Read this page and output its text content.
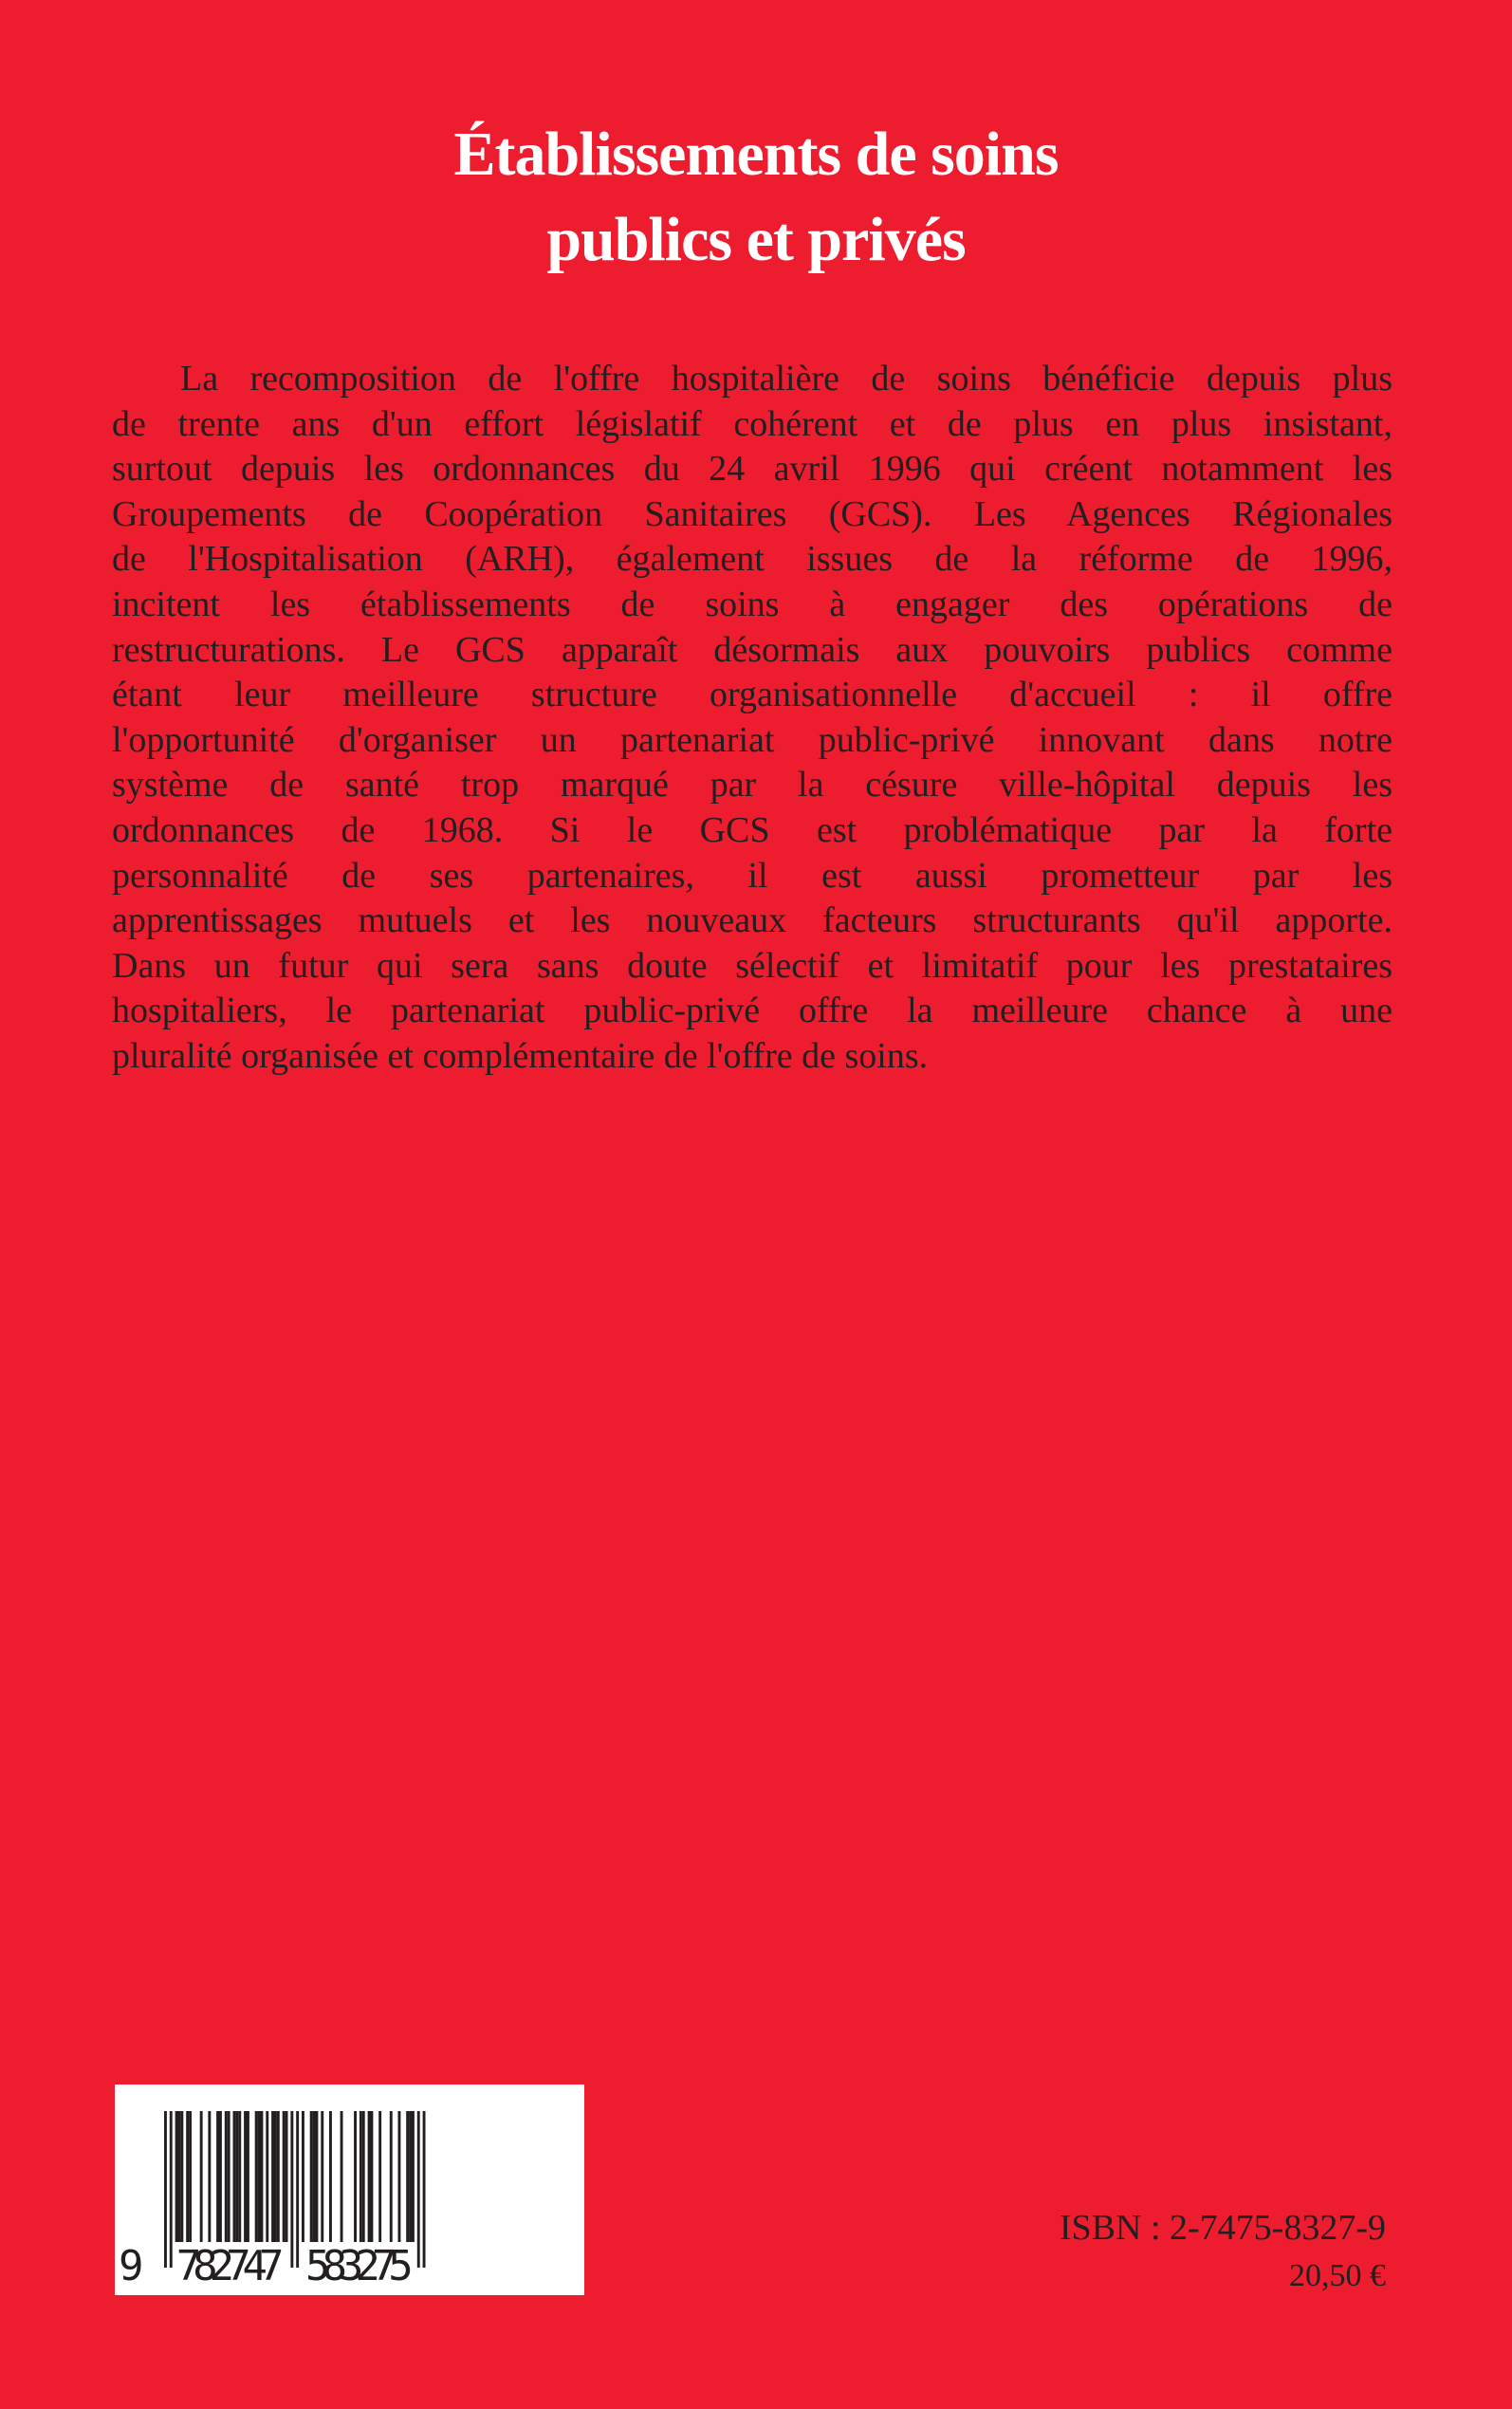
Établissements de soins
publics et privés
La recomposition de l'offre hospitalière de soins bénéficie depuis plus
de trente ans d'un effort législatif cohérent et de plus en plus insistant,
surtout depuis les ordonnances du 24 avril 1996 qui créent notamment les
Groupements de Coopération Sanitaires (GCS). Les Agences Régionales
de l'Hospitalisation (ARH), également issues de la réforme de 1996,
incitent les établissements de soins à engager des opérations de
restructurations. Le GCS apparaît désormais aux pouvoirs publics comme
étant leur meilleure structure organisationnelle d'accueil : il offre
l'opportunité d'organiser un partenariat public-privé innovant dans notre
système de santé trop marqué par la césure ville-hôpital depuis les
ordonnances de 1968. Si le GCS est problématique par la forte
personnalité de ses partenaires, il est aussi prometteur par les
apprentissages mutuels et les nouveaux facteurs structurants qu'il apporte.
Dans un futur qui sera sans doute sélectif et limitatif pour les prestataires
hospitaliers, le partenariat public-privé offre la meilleure chance à une
pluralité organisée et complémentaire de l'offre de soins.
9 782747 583275
ISBN : 2-7475-8327-9
20,50 €
